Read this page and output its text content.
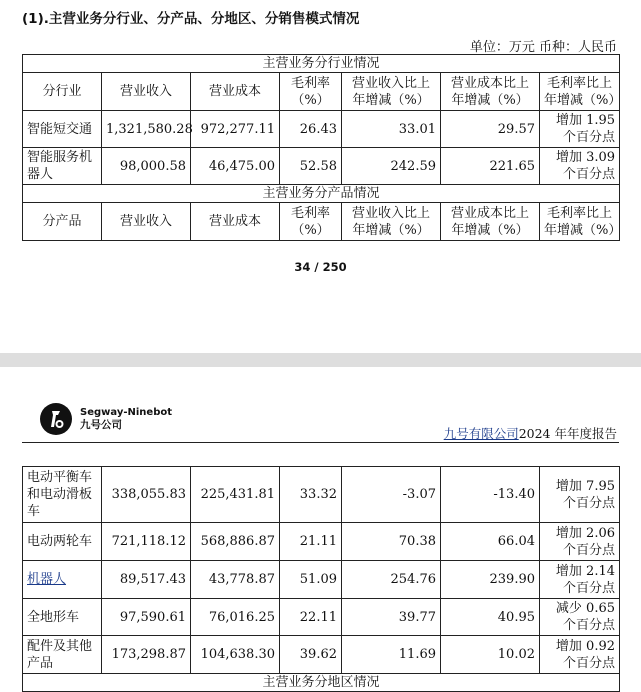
(1).主营业务分行业、分产品、分地区、分销售模式情况
单位：万元 币种：人民币
主营业务分行业情况						
分行业	营业收入	营业成本	毛利率（%）	营业收入比上年增减（%）	营业成本比上年增减（%）	毛利率比上年增减（%）
智能短交通	1,321,580.28	972,277.11	26.43	33.01	29.57	增加 1.95 个百分点
智能服务机器人	98,000.58	46,475.00	52.58	242.59	221.65	增加 3.09 个百分点
主营业务分产品情况						
分产品	营业收入	营业成本	毛利率（%）	营业收入比上年增减（%）	营业成本比上年增减（%）	毛利率比上年增减（%）
34 / 250
Segway-Ninebot
九号公司
九号有限公司2024 年年度报告
电动平衡车和电动滑板车	338,055.83	225,431.81	33.32	-3.07	-13.40	增加 7.95 个百分点
电动两轮车	721,118.12	568,886.87	21.11	70.38	66.04	增加 2.06 个百分点
机器人	89,517.43	43,778.87	51.09	254.76	239.90	增加 2.14 个百分点
全地形车	97,590.61	76,016.25	22.11	39.77	40.95	减少 0.65 个百分点
配件及其他产品	173,298.87	104,638.30	39.62	11.69	10.02	增加 0.92 个百分点
主营业务分地区情况						
